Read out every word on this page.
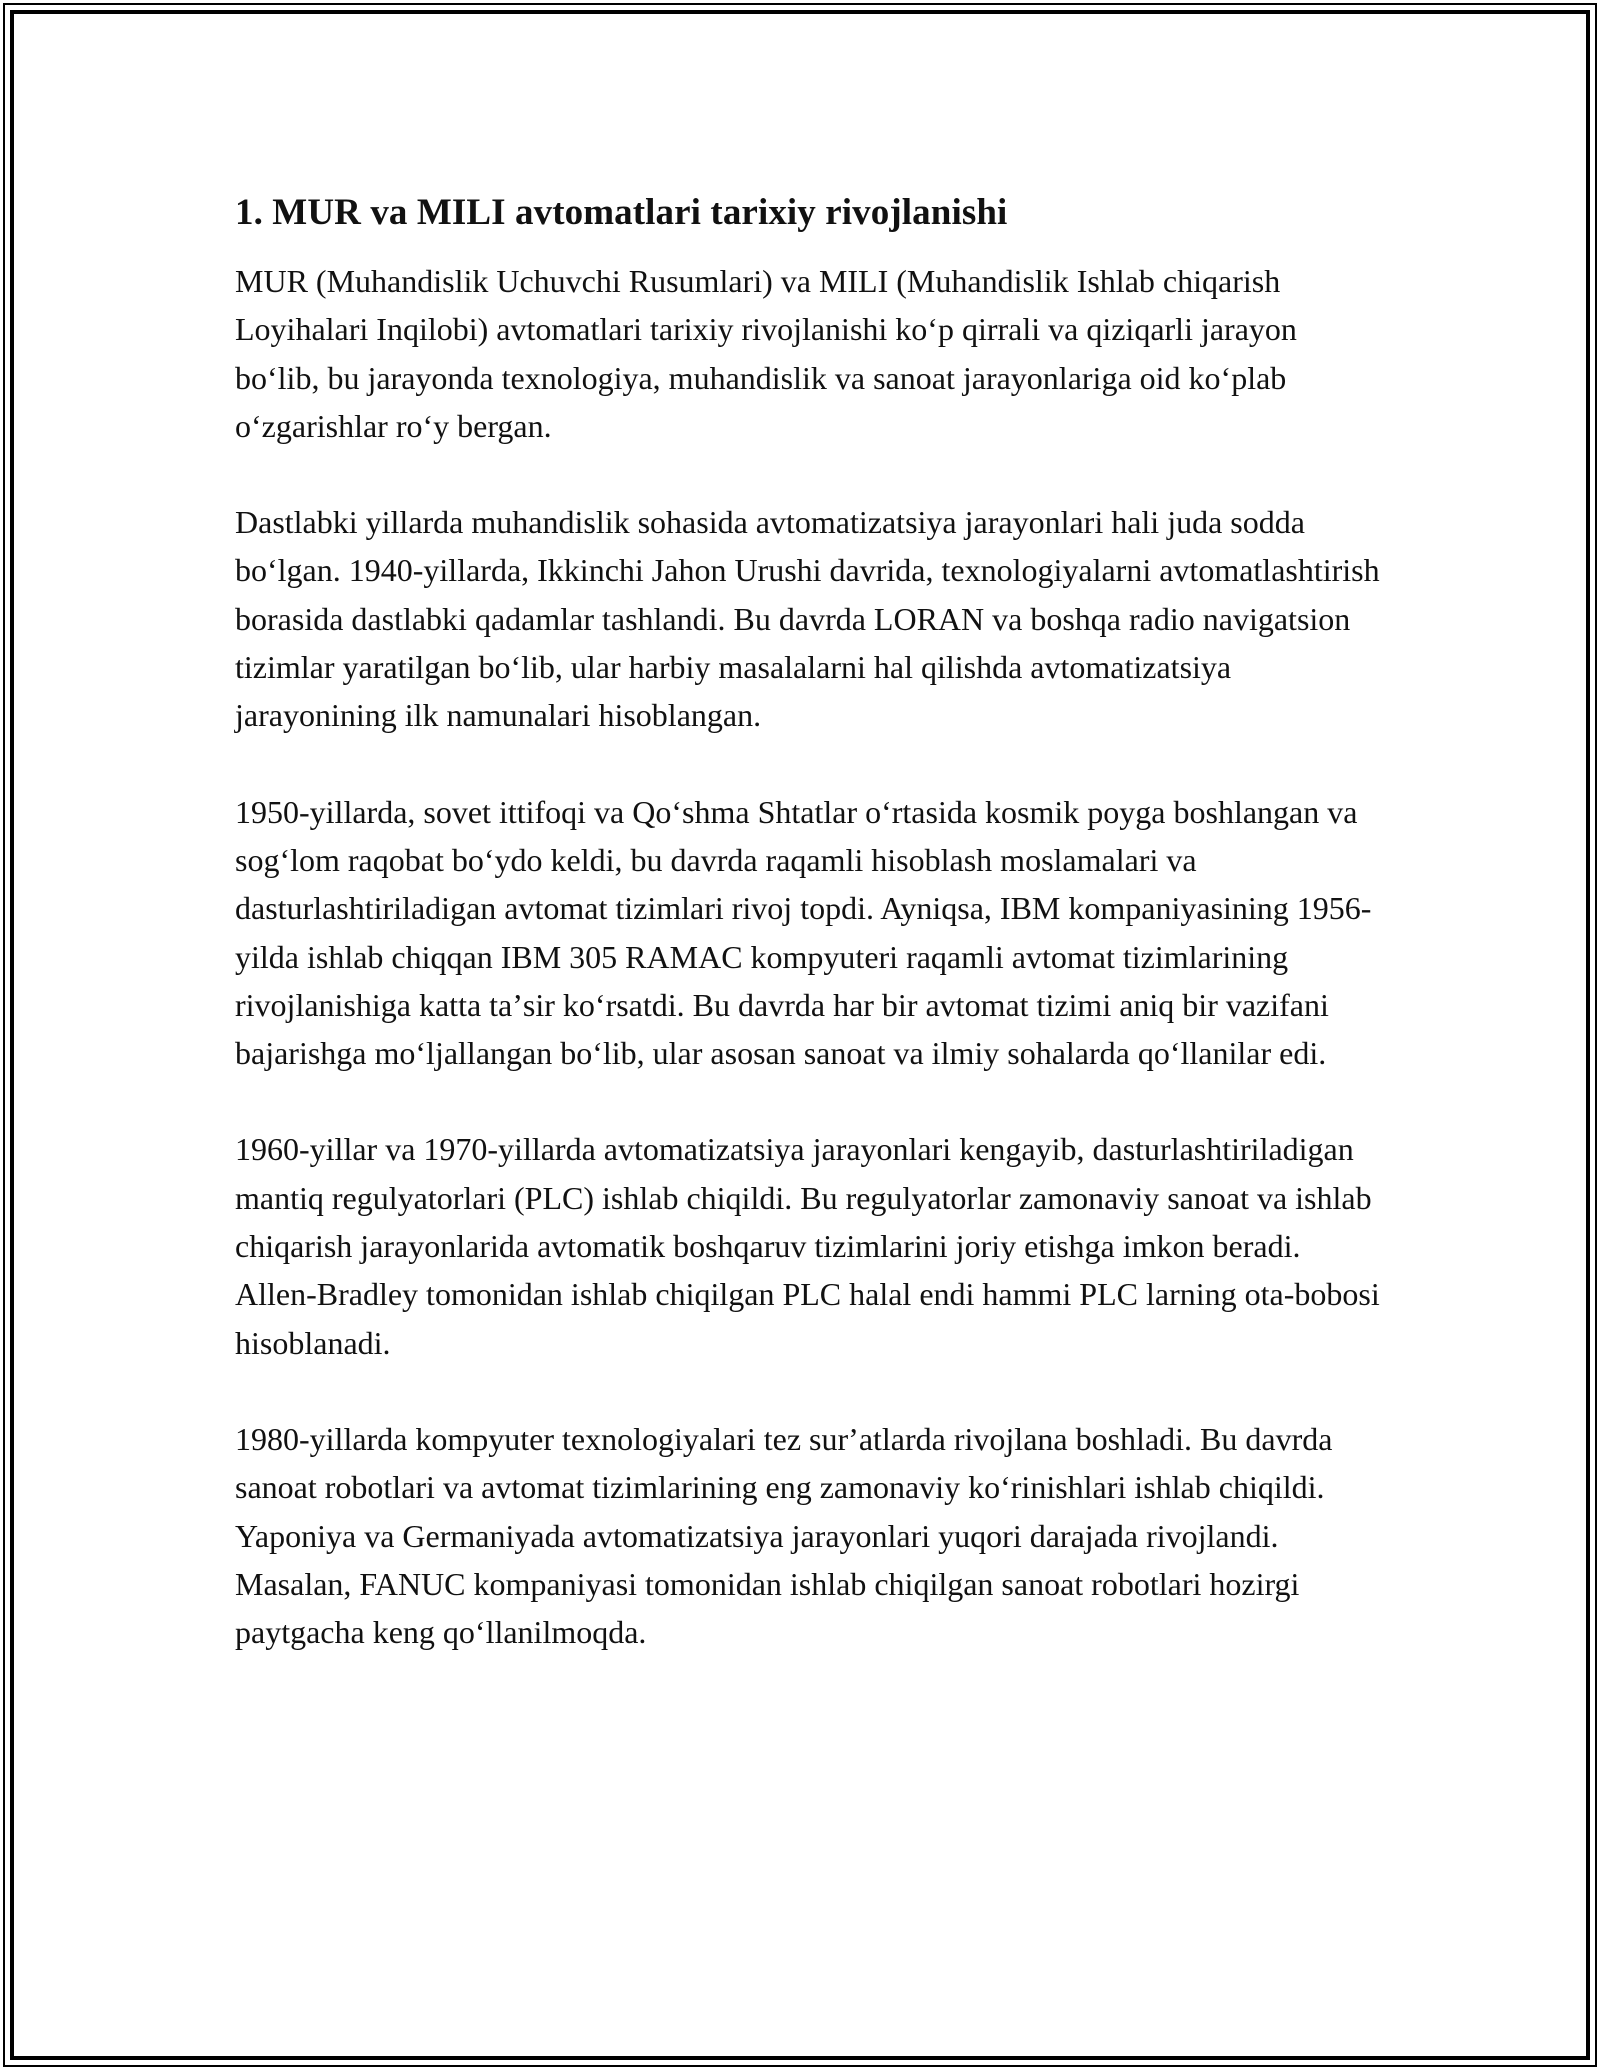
1. MUR va MILI avtomatlari tarixiy rivojlanishi

MUR (Muhandislik Uchuvchi Rusumlari) va MILI (Muhandislik Ishlab chiqarish Loyihalari Inqilobi) avtomatlari tarixiy rivojlanishi koʻp qirrali va qiziqarli jarayon boʻlib, bu jarayonda texnologiya, muhandislik va sanoat jarayonlariga oid koʻplab oʻzgarishlar roʻy bergan.

Dastlabki yillarda muhandislik sohasida avtomatizatsiya jarayonlari hali juda sodda boʻlgan. 1940-yillarda, Ikkinchi Jahon Urushi davrida, texnologiyalarni avtomatlashtirish borasida dastlabki qadamlar tashlandi. Bu davrda LORAN va boshqa radio navigatsion tizimlar yaratilgan boʻlib, ular harbiy masalalarni hal qilishda avtomatizatsiya jarayonining ilk namunalari hisoblangan.

1950-yillarda, sovet ittifoqi va Qoʻshma Shtatlar oʻrtasida kosmik poyga boshlangan va sogʻlom raqobat boʻydo keldi, bu davrda raqamli hisoblash moslamalari va dasturlashtiriladigan avtomat tizimlari rivoj topdi. Ayniqsa, IBM kompaniyasining 1956-yilda ishlab chiqqan IBM 305 RAMAC kompyuteri raqamli avtomat tizimlarining rivojlanishiga katta taʼsir koʻrsatdi. Bu davrda har bir avtomat tizimi aniq bir vazifani bajarishga moʻljallangan boʻlib, ular asosan sanoat va ilmiy sohalarda qoʻllanilar edi.

1960-yillar va 1970-yillarda avtomatizatsiya jarayonlari kengayib, dasturlashtiriladigan mantiq regulyatorlari (PLC) ishlab chiqildi. Bu regulyatorlar zamonaviy sanoat va ishlab chiqarish jarayonlarida avtomatik boshqaruv tizimlarini joriy etishga imkon beradi. Allen-Bradley tomonidan ishlab chiqilgan PLC halal endi hammi PLC larning ota-bobosi hisoblanadi.

1980-yillarda kompyuter texnologiyalari tez surʼatlarda rivojlana boshladi. Bu davrda sanoat robotlari va avtomat tizimlarining eng zamonaviy koʻrinishlari ishlab chiqildi. Yaponiya va Germaniyada avtomatizatsiya jarayonlari yuqori darajada rivojlandi. Masalan, FANUC kompaniyasi tomonidan ishlab chiqilgan sanoat robotlari hozirgi paytgacha keng qoʻllanilmoqda.
